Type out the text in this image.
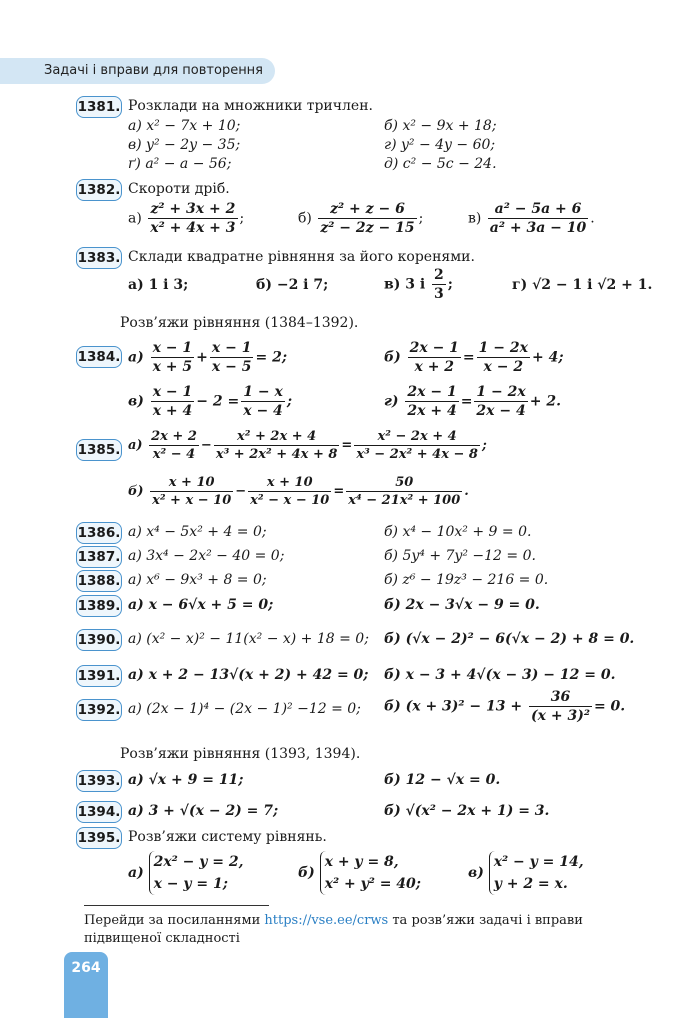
Задачі і вправи для повторення
1381. Розклади на множники тричлен.
а) x² − 7x + 10;	б) x² − 9x + 18;
в) y² − 2y − 35;	г) y² − 4y − 60;
ґ) a² − a − 56;	д) c² − 5c − 24.
1382. Скороти дріб.
$а) \frac{\text{z² + 3x + 2}}{\text{x² + 4x + 3}}$ ;	$б) \frac{\text{z² + z − 6}}{\text{z² − 2z − 15}}$ ;	$в) \frac{\text{a² − 5a + 6}}{\text{a² + 3a − 10}}$ .
1383. Склади квадратне рівняння за його коренями.
а) 1 і 3;	б) −2 і 7;	в) 3 і $\frac{2}{3}$ ;	г) √2 − 1 і √2 + 1.
Розв’яжи рівняння (1384–1392).
1384. $а) \frac{x - 1}{x + 5} + \frac{x - 1}{x - 5} = 2$;	$б) \frac{2x - 1}{x + 2} = \frac{1 - 2x}{x - 2} + 4$;
$в) \frac{x - 1}{x + 4} - 2 = \frac{1 - x}{x - 4}$ ;	$г) \frac{2x - 1}{2x + 4} = \frac{1 - 2x}{2x - 4} + 2$.
1385. $а) \frac{2x + 2}{\text{x² − 4}} - \frac{\text{x² + 2x + 4}}{\text{x³ + 2x² + 4x + 8}} = \frac{\text{x² − 2x + 4}}{\text{x³ − 2x² + 4x − 8}}$ ;
$б) \frac{x + 10}{\text{x² + x − 10}} - \frac{x + 10}{\text{x² − x − 10}} = \frac{50}{\text{x⁴ − 21x² + 100}}$ .
1386. а) x⁴ − 5x² + 4 = 0;	б) x⁴ − 10x² + 9 = 0.
1387. а) 3x⁴ − 2x² − 40 = 0;	б) 5y⁴ + 7y² −12 = 0.
1388. а) x⁶ − 9x³ + 8 = 0;	б) z⁶ − 19z³ − 216 = 0.
1389. а) x − 6√x + 5 = 0;	б) 2x − 3√x − 9 = 0.
1390. а) (x² − x)² − 11(x² − x) + 18 = 0; б) (√x − 2)² − 6(√x − 2) + 8 = 0.
1391. а) x + 2 − 13√(x + 2) + 42 = 0; б) x − 3 + 4√(x − 3) − 12 = 0.
1392. а) (2x − 1)⁴ − (2x − 1)² −12 = 0; б) $(x + 3)^2 - 13 + \frac{36}{\text{(x + 3)²}} = 0$.
Розв’яжи рівняння (1393, 1394).
1393. а) √x + 9 = 11;	б) 12 − √x = 0.
1394. а) 3 + √(x − 2) = 7;	б) √(x² − 2x + 1) = 3.
1395. Розв’яжи систему рівнянь.
а) 2x² − y = 2,
x − y = 1;
б) x + y = 8,
x² + y² = 40;
в) x² − y = 14,
y + 2 = x.
Перейди за посиланнями https://vse.ee/crws та розв’яжи задачі і вправи підвищеної складності
264
